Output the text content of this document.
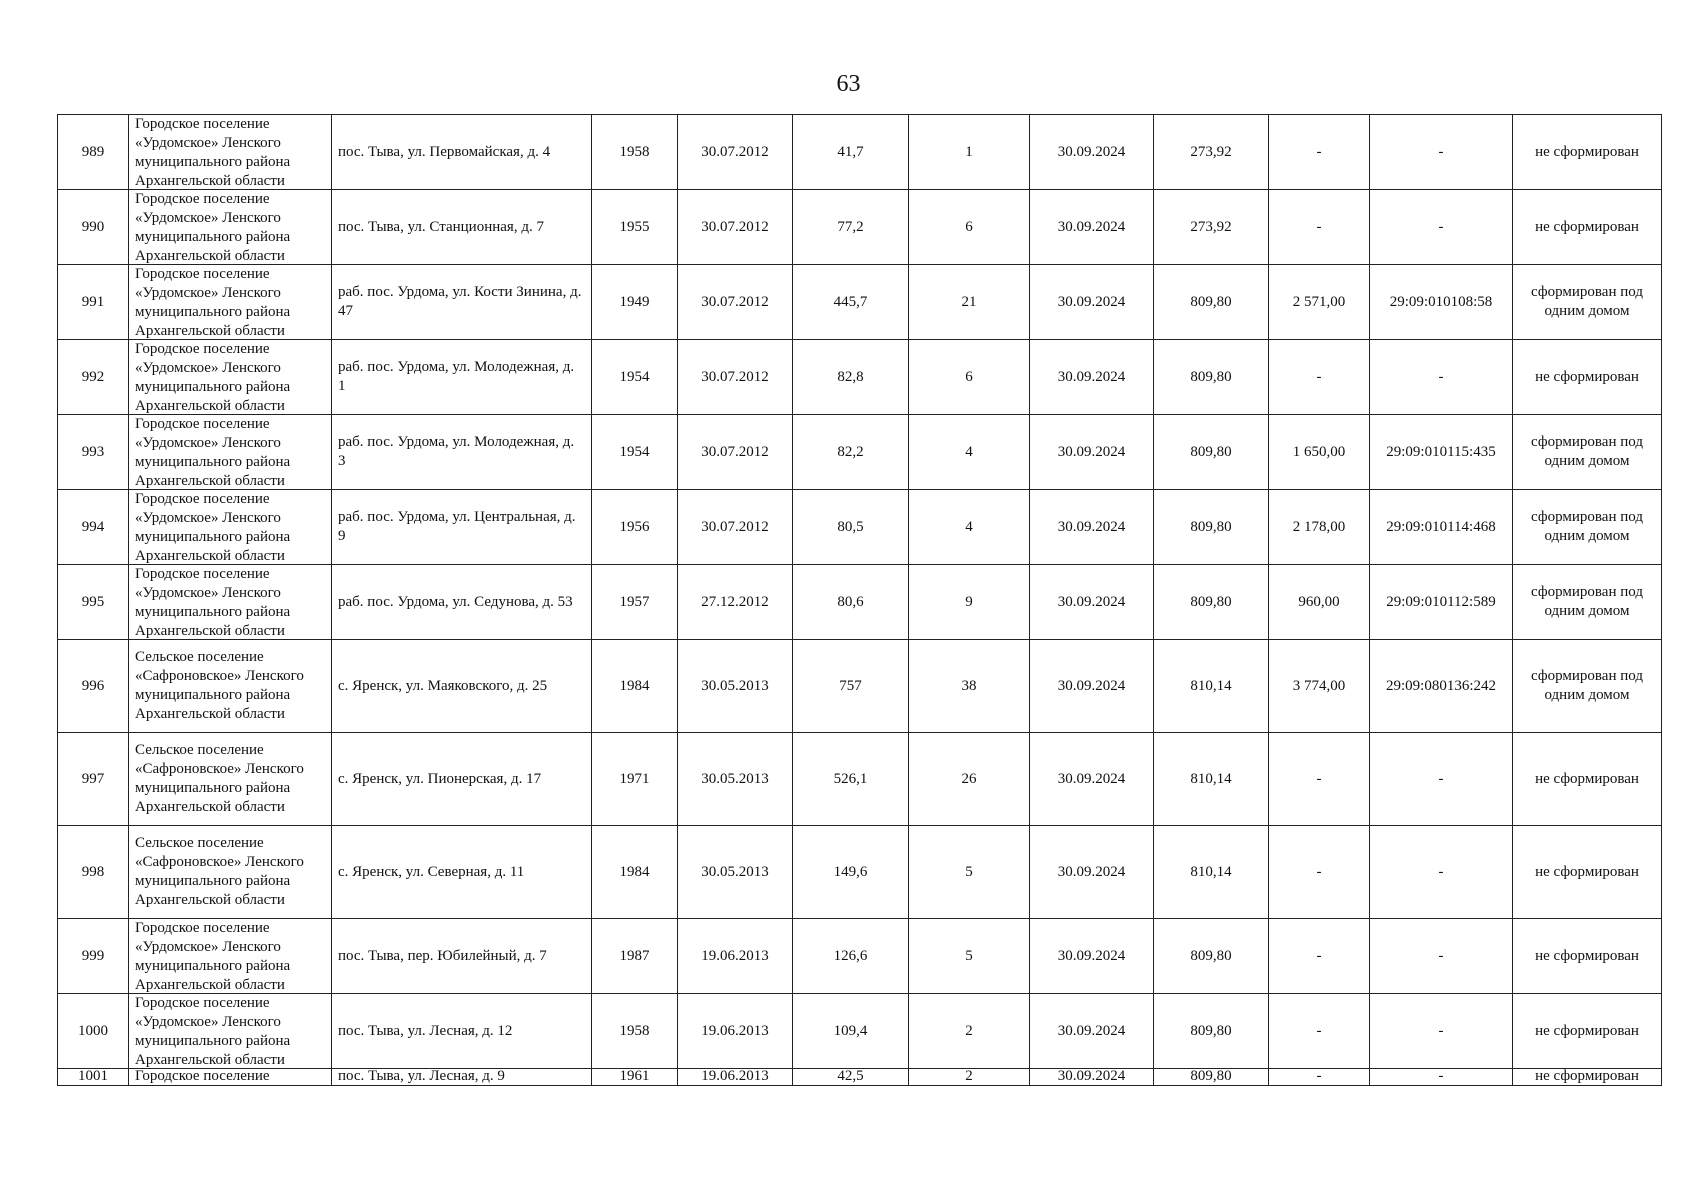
63
989	Городское поселение «Урдомское» Ленского муниципального района Архангельской области	пос. Тыва, ул. Первомайская, д. 4	1958	30.07.2012	41,7	1	30.09.2024	273,92	-	-	не сформирован
990	Городское поселение «Урдомское» Ленского муниципального района Архангельской области	пос. Тыва, ул. Станционная, д. 7	1955	30.07.2012	77,2	6	30.09.2024	273,92	-	-	не сформирован
991	Городское поселение «Урдомское» Ленского муниципального района Архангельской области	раб. пос. Урдома, ул. Кости Зинина, д. 47	1949	30.07.2012	445,7	21	30.09.2024	809,80	2 571,00	29:09:010108:58	сформирован под одним домом
992	Городское поселение «Урдомское» Ленского муниципального района Архангельской области	раб. пос. Урдома, ул. Молодежная, д. 1	1954	30.07.2012	82,8	6	30.09.2024	809,80	-	-	не сформирован
993	Городское поселение «Урдомское» Ленского муниципального района Архангельской области	раб. пос. Урдома, ул. Молодежная, д. 3	1954	30.07.2012	82,2	4	30.09.2024	809,80	1 650,00	29:09:010115:435	сформирован под одним домом
994	Городское поселение «Урдомское» Ленского муниципального района Архангельской области	раб. пос. Урдома, ул. Центральная, д. 9	1956	30.07.2012	80,5	4	30.09.2024	809,80	2 178,00	29:09:010114:468	сформирован под одним домом
995	Городское поселение «Урдомское» Ленского муниципального района Архангельской области	раб. пос. Урдома, ул. Седунова, д. 53	1957	27.12.2012	80,6	9	30.09.2024	809,80	960,00	29:09:010112:589	сформирован под одним домом
996	Сельское поселение «Сафроновское» Ленского муниципального района Архангельской области	с. Яренск, ул. Маяковского, д. 25	1984	30.05.2013	757	38	30.09.2024	810,14	3 774,00	29:09:080136:242	сформирован под одним домом
997	Сельское поселение «Сафроновское» Ленского муниципального района Архангельской области	с. Яренск, ул. Пионерская, д. 17	1971	30.05.2013	526,1	26	30.09.2024	810,14	-	-	не сформирован
998	Сельское поселение «Сафроновское» Ленского муниципального района Архангельской области	с. Яренск, ул. Северная, д. 11	1984	30.05.2013	149,6	5	30.09.2024	810,14	-	-	не сформирован
999	Городское поселение «Урдомское» Ленского муниципального района Архангельской области	пос. Тыва, пер. Юбилейный, д. 7	1987	19.06.2013	126,6	5	30.09.2024	809,80	-	-	не сформирован
1000	Городское поселение «Урдомское» Ленского муниципального района Архангельской области	пос. Тыва, ул. Лесная, д. 12	1958	19.06.2013	109,4	2	30.09.2024	809,80	-	-	не сформирован
1001	Городское поселение	пос. Тыва, ул. Лесная, д. 9	1961	19.06.2013	42,5	2	30.09.2024	809,80	-	-	не сформирован
